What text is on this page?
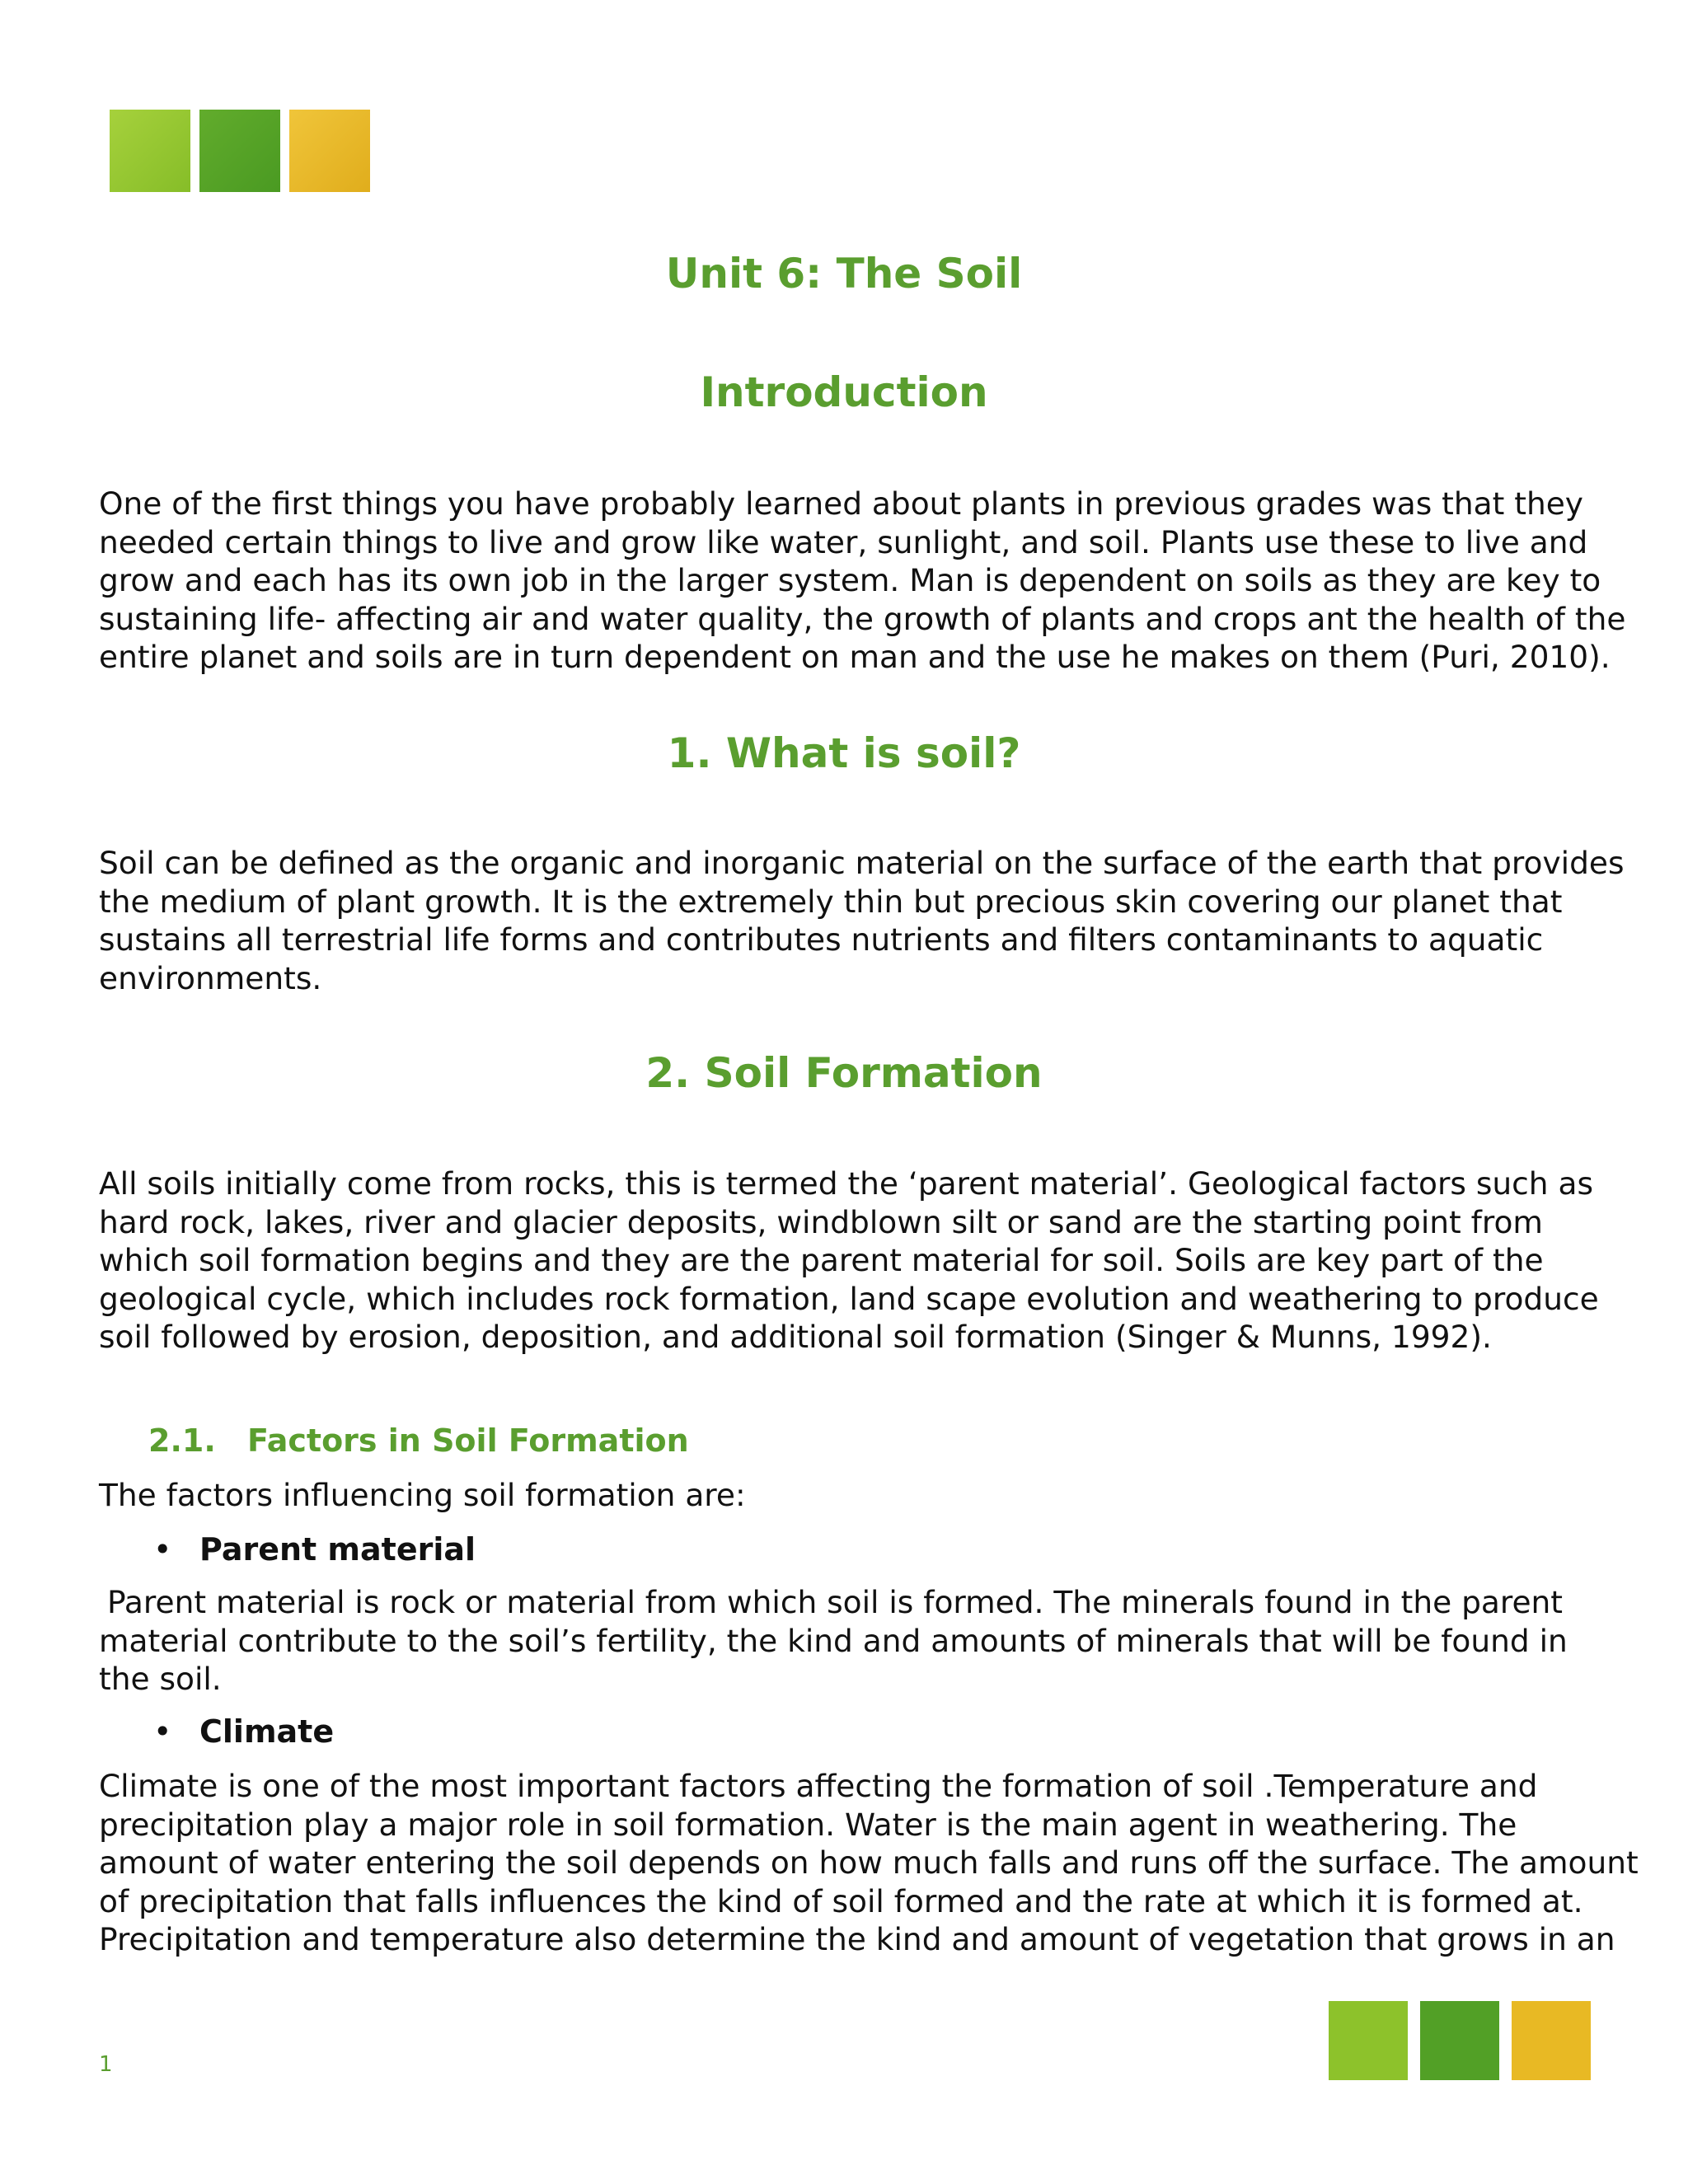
Unit 6: The Soil
Introduction
One of the first things you have probably learned about plants in previous grades was that they
needed certain things to live and grow like water, sunlight, and soil. Plants use these to live and
grow and each has its own job in the larger system. Man is dependent on soils as they are key to
sustaining life- affecting air and water quality, the growth of plants and crops ant the health of the
entire planet and soils are in turn dependent on man and the use he makes on them (Puri, 2010).
1. What is soil?
Soil can be defined as the organic and inorganic material on the surface of the earth that provides
the medium of plant growth. It is the extremely thin but precious skin covering our planet that
sustains all terrestrial life forms and contributes nutrients and filters contaminants to aquatic
environments.
2. Soil Formation
All soils initially come from rocks, this is termed the ‘parent material’. Geological factors such as
hard rock, lakes, river and glacier deposits, windblown silt or sand are the starting point from
which soil formation begins and they are the parent material for soil. Soils are key part of the
geological cycle, which includes rock formation, land scape evolution and weathering to produce
soil followed by erosion, deposition, and additional soil formation (Singer & Munns, 1992).
2.1. Factors in Soil Formation
The factors influencing soil formation are:

• Parent material

Parent material is rock or material from which soil is formed. The minerals found in the parent
material contribute to the soil’s fertility, the kind and amounts of minerals that will be found in
the soil.

• Climate

Climate is one of the most important factors affecting the formation of soil .Temperature and
precipitation play a major role in soil formation. Water is the main agent in weathering. The
amount of water entering the soil depends on how much falls and runs off the surface. The amount
of precipitation that falls influences the kind of soil formed and the rate at which it is formed at.
Precipitation and temperature also determine the kind and amount of vegetation that grows in an
1
